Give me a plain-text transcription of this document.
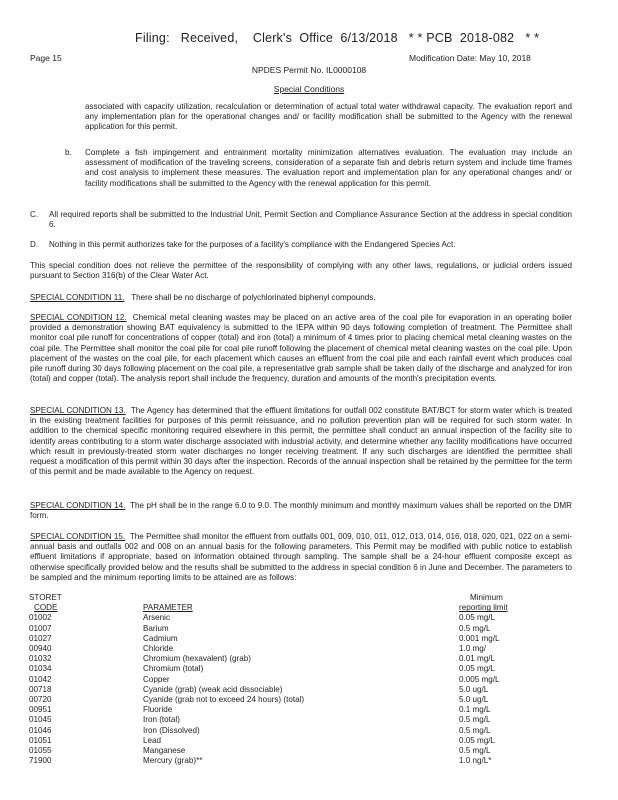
Filing:   Received,    Clerk's  Office  6/13/2018   * * PCB  2018-082   * *
Page 15	Modification Date: May 10, 2018
NPDES Permit No. IL0000108
Special Conditions

associated with capacity utilization, recalculation or determination of actual total water withdrawal capacity. The evaluation report and any implementation plan for the operational changes and/ or facility modification shall be submitted to the Agency with the renewal application for this permit.

b. Complete a fish impingement and entrainment mortality minimization alternatives evaluation. The evaluation may include an assessment of modification of the traveling screens, consideration of a separate fish and debris return system and include time frames and cost analysis to implement these measures. The evaluation report and implementation plan for any operational changes and/ or facility modifications shall be submitted to the Agency with the renewal application for this permit.

C. All required reports shall be submitted to the Industrial Unit, Permit Section and Compliance Assurance Section at the address in special condition 6.

D. Nothing in this permit authorizes take for the purposes of a facility's compliance with the Endangered Species Act.

This special condition does not relieve the permittee of the responsibility of complying with any other laws, regulations, or judicial orders issued pursuant to Section 316(b) of the Clear Water Act.

SPECIAL CONDITION 11. There shall be no discharge of polychlorinated biphenyl compounds.

SPECIAL CONDITION 12. Chemical metal cleaning wastes may be placed on an active area of the coal pile for evaporation in an operating boiler provided a demonstration showing BAT equivalency is submitted to the IEPA within 90 days following completion of treatment. The Permittee shall monitor coal pile runoff for concentrations of copper (total) and iron (total) a minimum of 4 times prior to placing chemical metal cleaning wastes on the coal pile. The Permittee shall monitor the coal pile for coal pile runoff following the placement of chemical metal cleaning wastes on the coal pile. Upon placement of the wastes on the coal pile, for each placement which causes an effluent from the coal pile and each rainfall event which produces coal pile runoff during 30 days following placement on the coal pile, a representative grab sample shall be taken daily of the discharge and analyzed for iron (total) and copper (total). The analysis report shall include the frequency, duration and amounts of the month's precipitation events.

SPECIAL CONDITION 13. The Agency has determined that the effluent limitations for outfall 002 constitute BAT/BCT for storm water which is treated in the existing treatment facilities for purposes of this permit reissuance, and no pollution prevention plan will be required for such storm water. In addition to the chemical specific monitoring required elsewhere in this permit, the permittee shall conduct an annual inspection of the facility site to identify areas contributing to a storm water discharge associated with industrial activity, and determine whether any facility modifications have occurred which result in previously-treated storm water discharges no longer receiving treatment. If any such discharges are identified the permittee shall request a modification of this permit within 30 days after the inspection. Records of the annual inspection shall be retained by the permittee for the term of this permit and be made available to the Agency on request.

SPECIAL CONDITION 14. The pH shall be in the range 6.0 to 9.0. The monthly minimum and monthly maximum values shall be reported on the DMR form.

SPECIAL CONDITION 15. The Permittee shall monitor the effluent from outfalls 001, 009, 010, 011, 012, 013, 014, 016, 018, 020, 021, 022 on a semi-annual basis and outfalls 002 and 008 on an annual basis for the following parameters. This Permit may be modified with public notice to establish effluent limitations if appropriate, based on information obtained through sampling. The sample shall be a 24-hour effluent composite except as otherwise specifically provided below and the results shall be submitted to the address in special condition 6 in June and December. The parameters to be sampled and the minimum reporting limits to be attained are as follows:

STORET		Minimum
CODE	PARAMETER	reporting limit
01002	Arsenic	0.05 mg/L
01007	Barium	0.5 mg/L
01027	Cadmium	0.001 mg/L
00940	Chloride	1.0 mg/
01032	Chromium (hexavalent) (grab)	0.01 mg/L
01034	Chromium (total)	0.05 mg/L
01042	Copper	0.005 mg/L
00718	Cyanide (grab) (weak acid dissociable)	5.0 ug/L
00720	Cyanide (grab not to exceed 24 hours) (total)	5.0 ug/L
00951	Fluoride	0.1 mg/L
01045	Iron (total)	0.5 mg/L
01046	Iron (Dissolved)	0.5 mg/L
01051	Lead	0.05 mg/L
01055	Manganese	0.5 mg/L
71900	Mercury (grab)**	1.0 ng/L*
